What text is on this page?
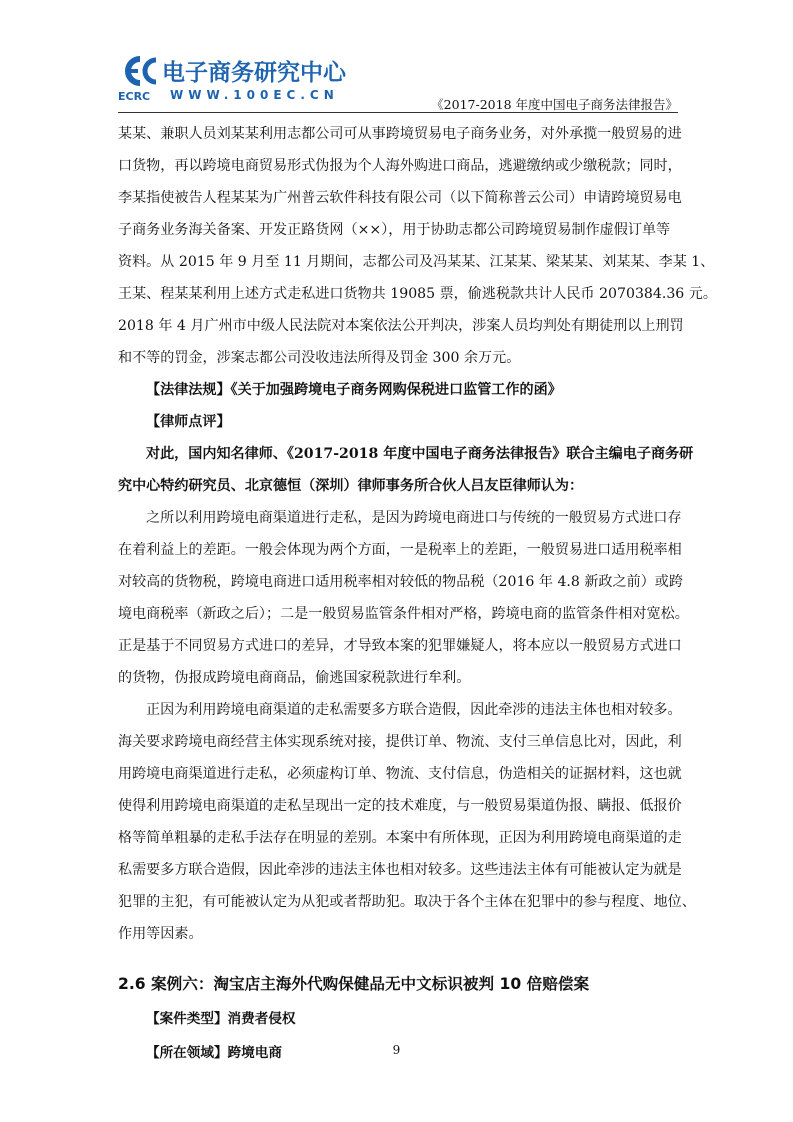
电子商务研究中心
ECRC WWW.100EC.CN
《2017-2018 年度中国电子商务法律报告》
某某、兼职人员刘某某利用志都公司可从事跨境贸易电子商务业务，对外承揽一般贸易的进
口货物，再以跨境电商贸易形式伪报为个人海外购进口商品，逃避缴纳或少缴税款；同时，
李某指使被告人程某某为广州普云软件科技有限公司（以下简称普云公司）申请跨境贸易电
子商务业务海关备案、开发正路货网（××），用于协助志都公司跨境贸易制作虚假订单等
资料。从 2015 年 9 月至 11 月期间，志都公司及冯某某、江某某、梁某某、刘某某、李某 1、
王某、程某某利用上述方式走私进口货物共 19085 票，偷逃税款共计人民币 2070384.36 元。
2018 年 4 月广州市中级人民法院对本案依法公开判决，涉案人员均判处有期徒刑以上刑罚
和不等的罚金，涉案志都公司没收违法所得及罚金 300 余万元。
【法律法规】《关于加强跨境电子商务网购保税进口监管工作的函》
【律师点评】
对此，国内知名律师、《2017-2018 年度中国电子商务法律报告》联合主编电子商务研
究中心特约研究员、北京德恒（深圳）律师事务所合伙人吕友臣律师认为：
之所以利用跨境电商渠道进行走私，是因为跨境电商进口与传统的一般贸易方式进口存
在着利益上的差距。一般会体现为两个方面，一是税率上的差距，一般贸易进口适用税率相
对较高的货物税，跨境电商进口适用税率相对较低的物品税（2016 年 4.8 新政之前）或跨
境电商税率（新政之后）；二是一般贸易监管条件相对严格，跨境电商的监管条件相对宽松。
正是基于不同贸易方式进口的差异，才导致本案的犯罪嫌疑人，将本应以一般贸易方式进口
的货物，伪报成跨境电商商品，偷逃国家税款进行牟利。
正因为利用跨境电商渠道的走私需要多方联合造假，因此牵涉的违法主体也相对较多。
海关要求跨境电商经营主体实现系统对接，提供订单、物流、支付三单信息比对，因此，利
用跨境电商渠道进行走私，必须虚构订单、物流、支付信息，伪造相关的证据材料，这也就
使得利用跨境电商渠道的走私呈现出一定的技术难度，与一般贸易渠道伪报、瞒报、低报价
格等简单粗暴的走私手法存在明显的差别。本案中有所体现，正因为利用跨境电商渠道的走
私需要多方联合造假，因此牵涉的违法主体也相对较多。这些违法主体有可能被认定为就是
犯罪的主犯，有可能被认定为从犯或者帮助犯。取决于各个主体在犯罪中的参与程度、地位、
作用等因素。
2.6 案例六：淘宝店主海外代购保健品无中文标识被判 10 倍赔偿案
【案件类型】消费者侵权
【所在领域】跨境电商	9
